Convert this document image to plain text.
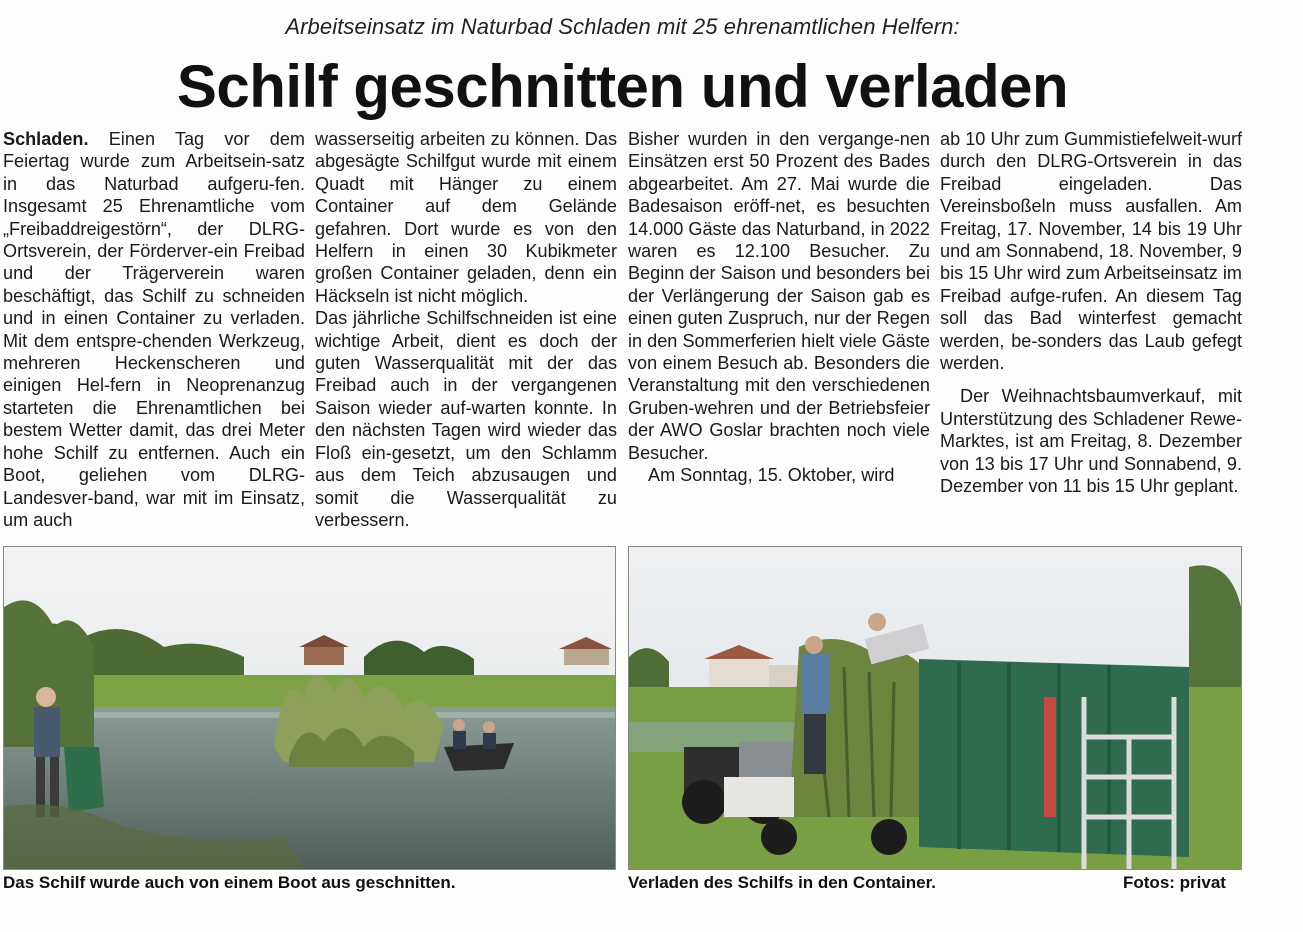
Arbeitseinsatz im Naturbad Schladen mit 25 ehrenamtlichen Helfern:
Schilf geschnitten und verladen

Schladen. Einen Tag vor dem Feiertag wurde zum Arbeitsein-satz in das Naturbad aufgeru-fen. Insgesamt 25 Ehrenamtliche vom „Freibaddreigestörn“, der DLRG-Ortsverein, der Förderver-ein Freibad und der Trägerverein waren beschäftigt, das Schilf zu schneiden und in einen Container zu verladen. Mit dem entspre-chenden Werkzeug, mehreren Heckenscheren und einigen Hel-fern in Neoprenanzug starteten die Ehrenamtlichen bei bestem Wetter damit, das drei Meter hohe Schilf zu entfernen. Auch ein Boot, geliehen vom DLRG-Landesver-band, war mit im Einsatz, um auch

wasserseitig arbeiten zu können. Das abgesägte Schilfgut wurde mit einem Quadt mit Hänger zu einem Container auf dem Gelände gefahren. Dort wurde es von den Helfern in einen 30 Kubikmeter großen Container geladen, denn ein Häckseln ist nicht möglich.

Das jährliche Schilfschneiden ist eine wichtige Arbeit, dient es doch der guten Wasserqualität mit der das Freibad auch in der vergangenen Saison wieder auf-warten konnte. In den nächsten Tagen wird wieder das Floß ein-gesetzt, um den Schlamm aus dem Teich abzusaugen und somit die Wasserqualität zu verbessern.

Bisher wurden in den vergange-nen Einsätzen erst 50 Prozent des Bades abgearbeitet. Am 27. Mai wurde die Badesaison eröff-net, es besuchten 14.000 Gäste das Naturband, in 2022 waren es 12.100 Besucher. Zu Beginn der Saison und besonders bei der Verlängerung der Saison gab es einen guten Zuspruch, nur der Regen in den Sommerferien hielt viele Gäste von einem Besuch ab. Besonders die Veranstaltung mit den verschiedenen Gruben-wehren und der Betriebsfeier der AWO Goslar brachten noch viele Besucher.

Am Sonntag, 15. Oktober, wird

ab 10 Uhr zum Gummistiefelweit-wurf durch den DLRG-Ortsverein in das Freibad eingeladen. Das Vereinsboßeln muss ausfallen. Am Freitag, 17. November, 14 bis 19 Uhr und am Sonnabend, 18. November, 9 bis 15 Uhr wird zum Arbeitseinsatz im Freibad aufge-rufen. An diesem Tag soll das Bad winterfest gemacht werden, be-sonders das Laub gefegt werden.

Der Weihnachtsbaumverkauf, mit Unterstützung des Schladener Rewe-Marktes, ist am Freitag, 8. Dezember von 13 bis 17 Uhr und Sonnabend, 9. Dezember von 11 bis 15 Uhr geplant.

Das Schilf wurde auch von einem Boot aus geschnitten.	Verladen des Schilfs in den Container.	Fotos: privat
